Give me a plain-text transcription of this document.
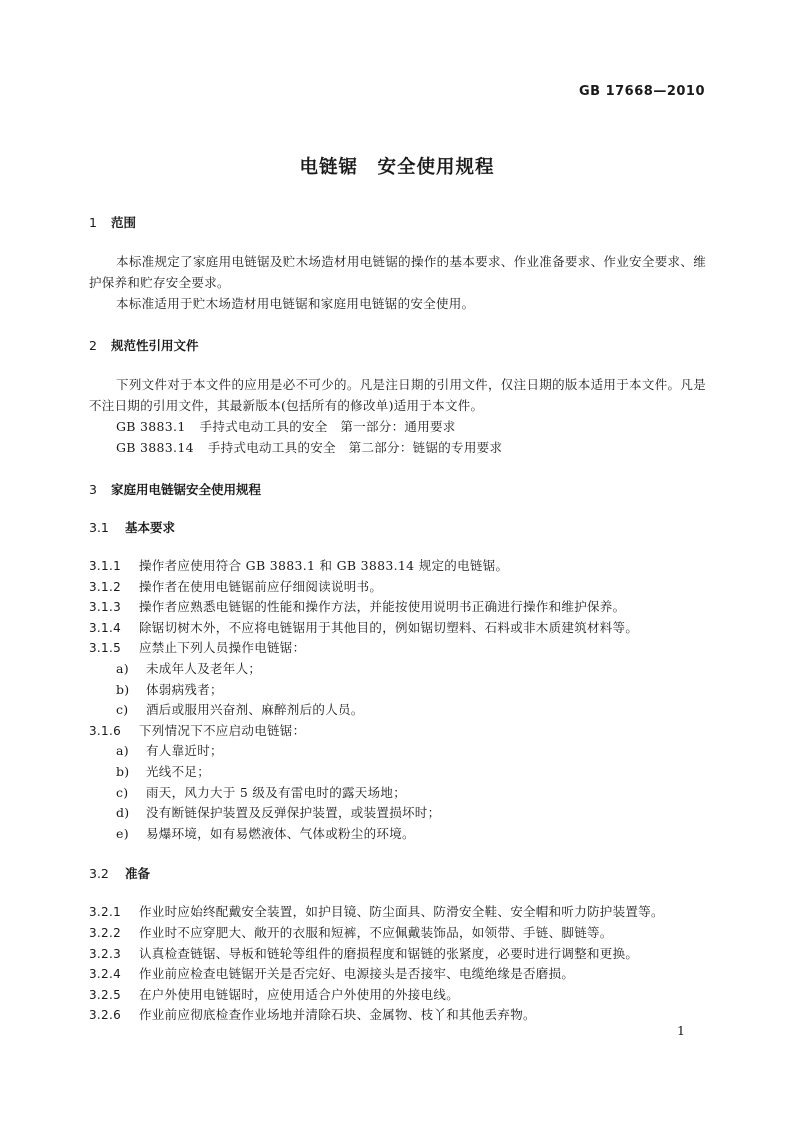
GB 17668—2010
电链锯　安全使用规程
1 范围
本标准规定了家庭用电链锯及贮木场造材用电链锯的操作的基本要求、作业准备要求、作业安全要求、维护保养和贮存安全要求。
本标准适用于贮木场造材用电链锯和家庭用电链锯的安全使用。
2 规范性引用文件
下列文件对于本文件的应用是必不可少的。凡是注日期的引用文件，仅注日期的版本适用于本文件。凡是不注日期的引用文件，其最新版本(包括所有的修改单)适用于本文件。
GB 3883.1 手持式电动工具的安全　第一部分：通用要求
GB 3883.14 手持式电动工具的安全　第二部分：链锯的专用要求
3 家庭用电链锯安全使用规程
3.1 基本要求
3.1.1 操作者应使用符合 GB 3883.1 和 GB 3883.14 规定的电链锯。
3.1.2 操作者在使用电链锯前应仔细阅读说明书。
3.1.3 操作者应熟悉电链锯的性能和操作方法，并能按使用说明书正确进行操作和维护保养。
3.1.4 除锯切树木外，不应将电链锯用于其他目的，例如锯切塑料、石料或非木质建筑材料等。
3.1.5 应禁止下列人员操作电链锯：
a) 未成年人及老年人；
b) 体弱病残者；
c) 酒后或服用兴奋剂、麻醉剂后的人员。
3.1.6 下列情况下不应启动电链锯：
a) 有人靠近时；
b) 光线不足；
c) 雨天，风力大于 5 级及有雷电时的露天场地；
d) 没有断链保护装置及反弹保护装置，或装置损坏时；
e) 易爆环境，如有易燃液体、气体或粉尘的环境。
3.2 准备
3.2.1 作业时应始终配戴安全装置，如护目镜、防尘面具、防滑安全鞋、安全帽和听力防护装置等。
3.2.2 作业时不应穿肥大、敞开的衣服和短裤，不应佩戴装饰品，如领带、手链、脚链等。
3.2.3 认真检查链锯、导板和链轮等组件的磨损程度和锯链的张紧度，必要时进行调整和更换。
3.2.4 作业前应检查电链锯开关是否完好、电源接头是否接牢、电缆绝缘是否磨损。
3.2.5 在户外使用电链锯时，应使用适合户外使用的外接电线。
3.2.6 作业前应彻底检查作业场地并清除石块、金属物、枝丫和其他丢弃物。
1
